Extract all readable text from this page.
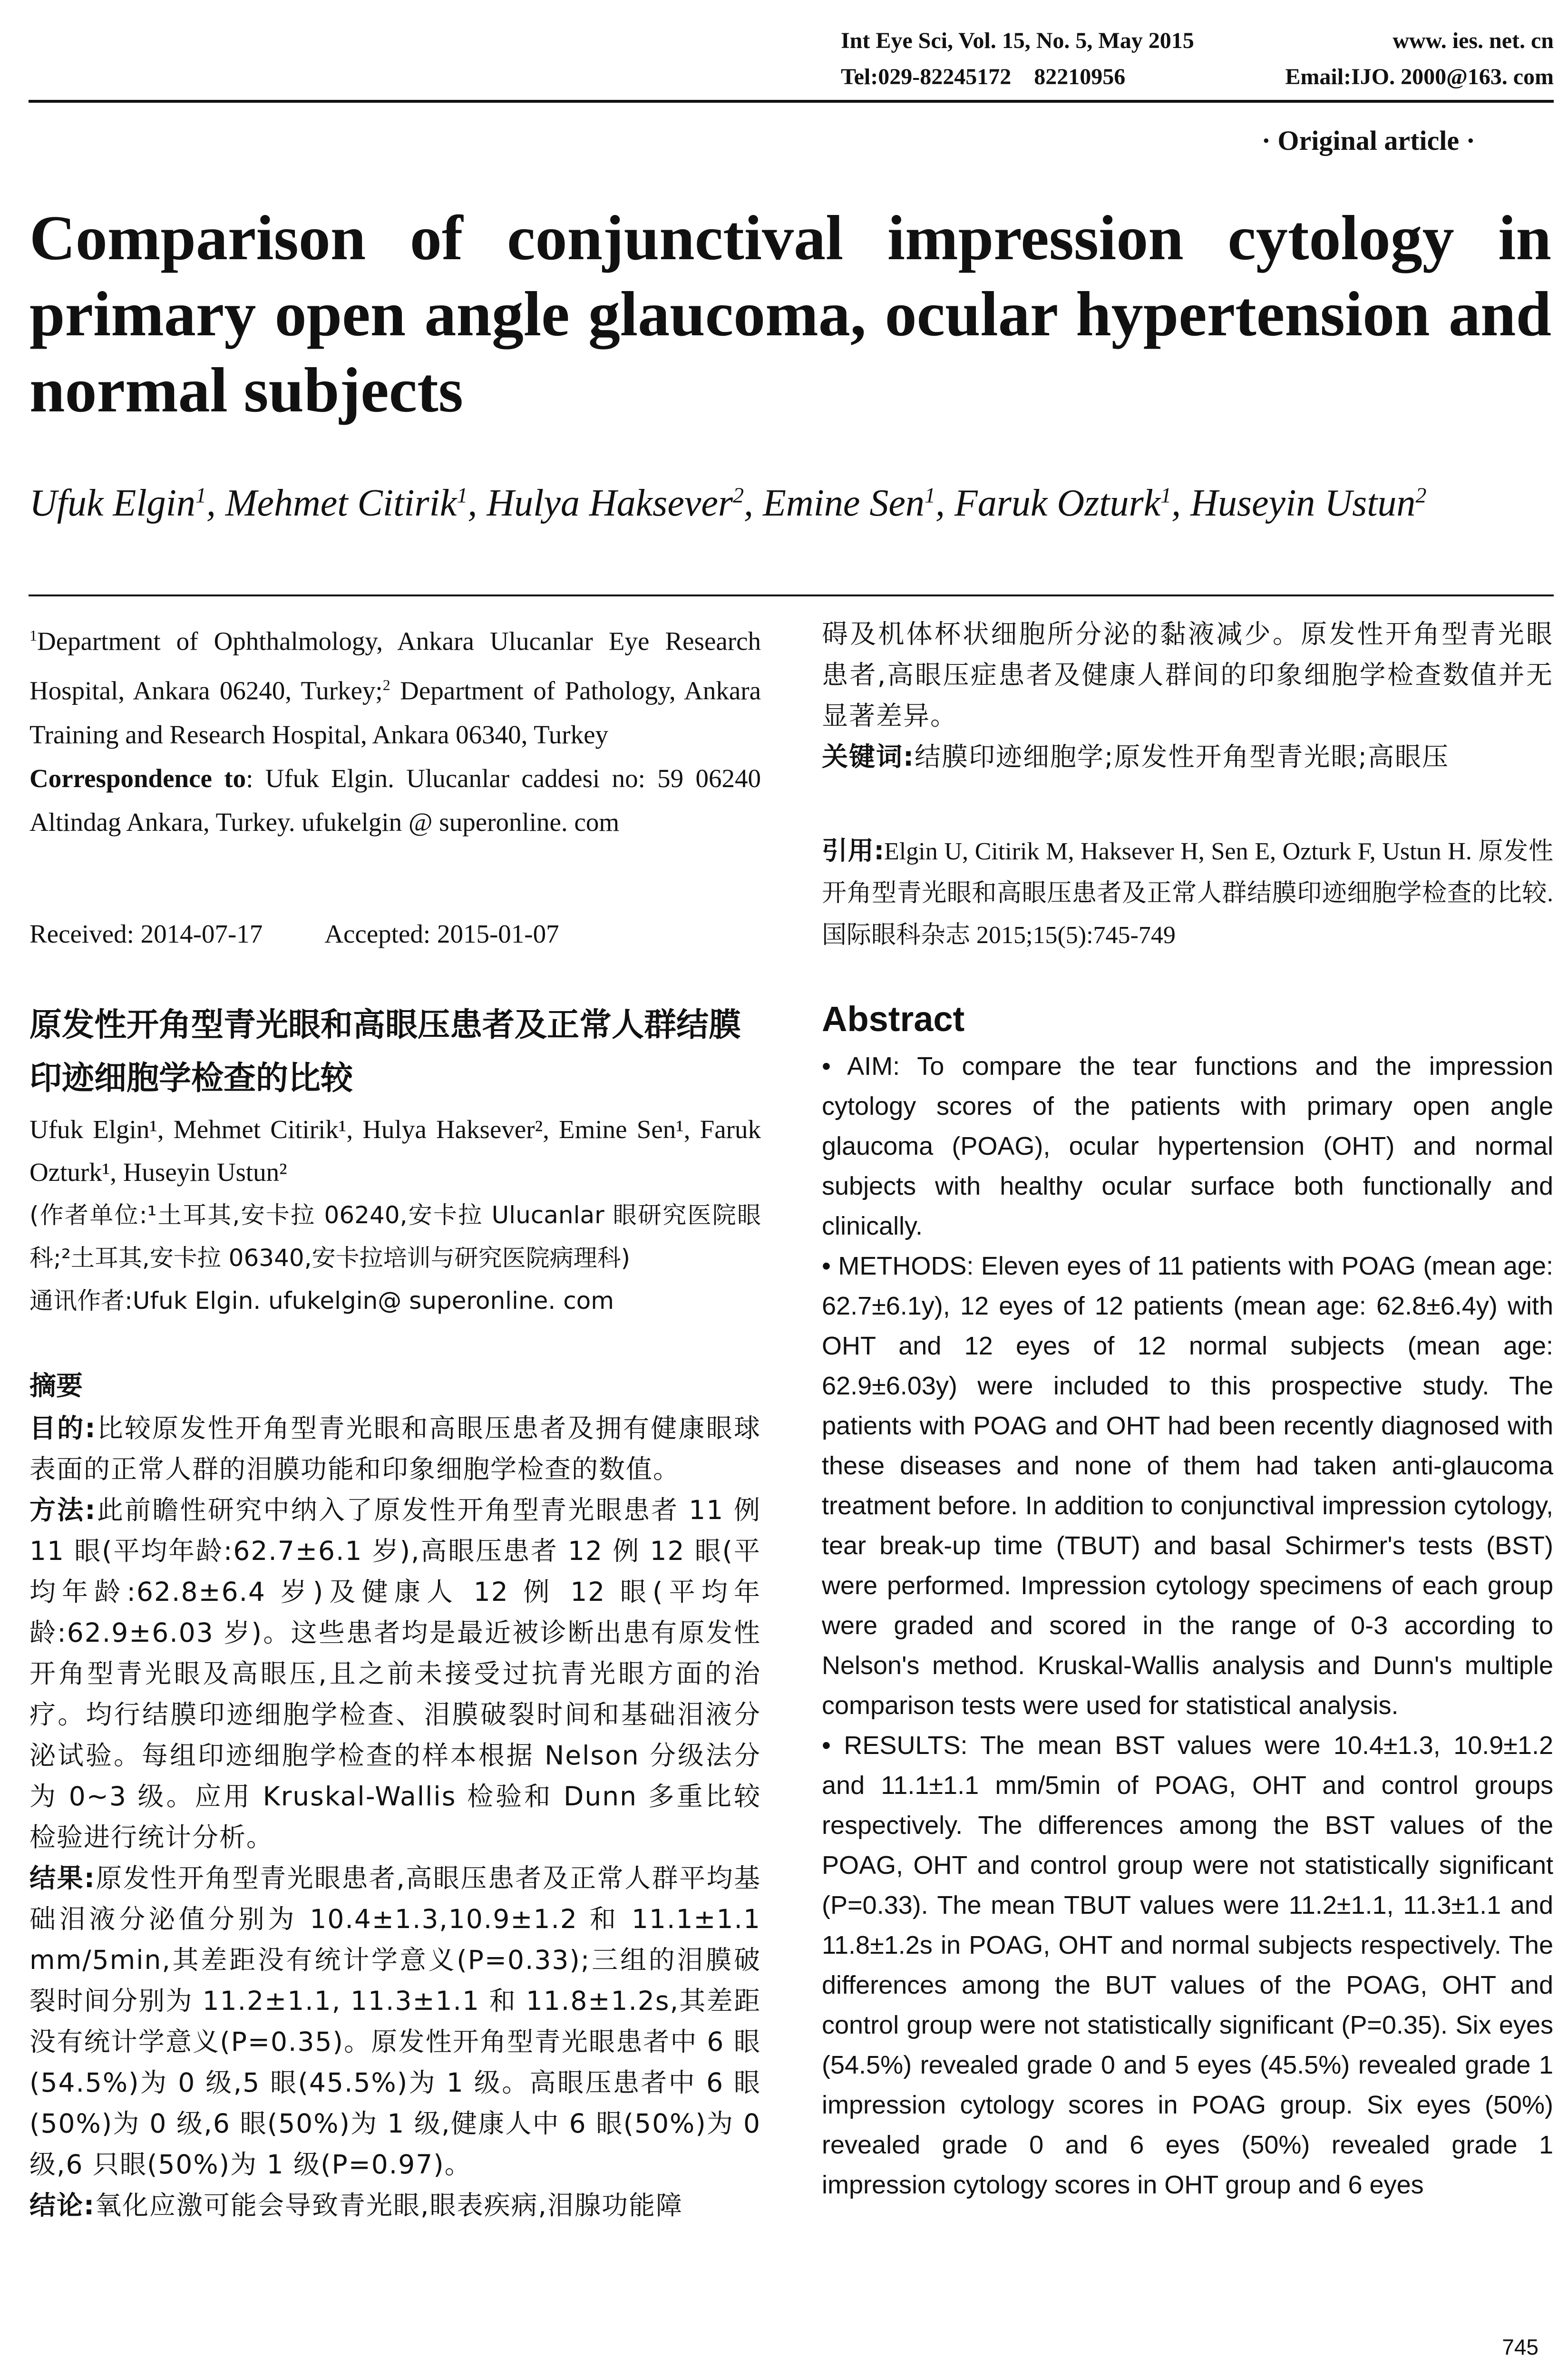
Int Eye Sci, Vol. 15, No. 5, May 2015	www. ies. net. cn
Tel:029-82245172    82210956	Email:IJO. 2000@163. com
· Original article ·
Comparison of conjunctival impression cytology in primary open angle glaucoma, ocular hypertension and normal subjects
Ufuk Elgin$^1$, Mehmet Citirik$^1$, Hulya Haksever$^2$, Emine Sen$^1$, Faruk Ozturk$^1$, Huseyin Ustun$^2$
$^1$Department of Ophthalmology, Ankara Ulucanlar Eye Research Hospital, Ankara 06240, Turkey;$^2$ Department of Pathology, Ankara Training and Research Hospital, Ankara 06340, Turkey
Correspondence to: Ufuk Elgin. Ulucanlar caddesi no: 59 06240 Altindag Ankara, Turkey. ufukelgin @ superonline. com
Received: 2014-07-17 Accepted: 2015-01-07
原发性开角型青光眼和高眼压患者及正常人群结膜印迹细胞学检查的比较
Ufuk Elgin¹, Mehmet Citirik¹, Hulya Haksever², Emine Sen¹, Faruk Ozturk¹, Huseyin Ustun²
(作者单位:¹土耳其,安卡拉 06240,安卡拉 Ulucanlar 眼研究医院眼科;²土耳其,安卡拉 06340,安卡拉培训与研究医院病理科)
通讯作者:Ufuk Elgin. ufukelgin@ superonline. com
摘要

目的:比较原发性开角型青光眼和高眼压患者及拥有健康眼球表面的正常人群的泪膜功能和印象细胞学检查的数值。

方法:此前瞻性研究中纳入了原发性开角型青光眼患者 11 例 11 眼(平均年龄:62.7±6.1 岁),高眼压患者 12 例 12 眼(平均年龄:62.8±6.4 岁)及健康人 12 例 12 眼(平均年龄:62.9±6.03 岁)。这些患者均是最近被诊断出患有原发性开角型青光眼及高眼压,且之前未接受过抗青光眼方面的治疗。均行结膜印迹细胞学检查、泪膜破裂时间和基础泪液分泌试验。每组印迹细胞学检查的样本根据 Nelson 分级法分为 0~3 级。应用 Kruskal-Wallis 检验和 Dunn 多重比较检验进行统计分析。

结果:原发性开角型青光眼患者,高眼压患者及正常人群平均基础泪液分泌值分别为 10.4±1.3,10.9±1.2 和 11.1±1.1 mm/5min,其差距没有统计学意义(P=0.33);三组的泪膜破裂时间分别为 11.2±1.1, 11.3±1.1 和 11.8±1.2s,其差距没有统计学意义(P=0.35)。原发性开角型青光眼患者中 6 眼(54.5%)为 0 级,5 眼(45.5%)为 1 级。高眼压患者中 6 眼(50%)为 0 级,6 眼(50%)为 1 级,健康人中 6 眼(50%)为 0 级,6 只眼(50%)为 1 级(P=0.97)。

结论:氧化应激可能会导致青光眼,眼表疾病,泪腺功能障

碍及机体杯状细胞所分泌的黏液减少。原发性开角型青光眼患者,高眼压症患者及健康人群间的印象细胞学检查数值并无显著差异。

关键词:结膜印迹细胞学;原发性开角型青光眼;高眼压

引用:Elgin U, Citirik M, Haksever H, Sen E, Ozturk F, Ustun H. 原发性开角型青光眼和高眼压患者及正常人群结膜印迹细胞学检查的比较. 国际眼科杂志 2015;15(5):745-749
Abstract

• AIM: To compare the tear functions and the impression cytology scores of the patients with primary open angle glaucoma (POAG), ocular hypertension (OHT) and normal subjects with healthy ocular surface both functionally and clinically.

• METHODS: Eleven eyes of 11 patients with POAG (mean age: 62.7±6.1y), 12 eyes of 12 patients (mean age: 62.8±6.4y) with OHT and 12 eyes of 12 normal subjects (mean age: 62.9±6.03y) were included to this prospective study. The patients with POAG and OHT had been recently diagnosed with these diseases and none of them had taken anti-glaucoma treatment before. In addition to conjunctival impression cytology, tear break-up time (TBUT) and basal Schirmer's tests (BST) were performed. Impression cytology specimens of each group were graded and scored in the range of 0-3 according to Nelson's method. Kruskal-Wallis analysis and Dunn's multiple comparison tests were used for statistical analysis.

• RESULTS: The mean BST values were 10.4±1.3, 10.9±1.2 and 11.1±1.1 mm/5min of POAG, OHT and control groups respectively. The differences among the BST values of the POAG, OHT and control group were not statistically significant (P=0.33). The mean TBUT values were 11.2±1.1, 11.3±1.1 and 11.8±1.2s in POAG, OHT and normal subjects respectively. The differences among the BUT values of the POAG, OHT and control group were not statistically significant (P=0.35). Six eyes (54.5%) revealed grade 0 and 5 eyes (45.5%) revealed grade 1 impression cytology scores in POAG group. Six eyes (50%) revealed grade 0 and 6 eyes (50%) revealed grade 1 impression cytology scores in OHT group and 6 eyes

745
